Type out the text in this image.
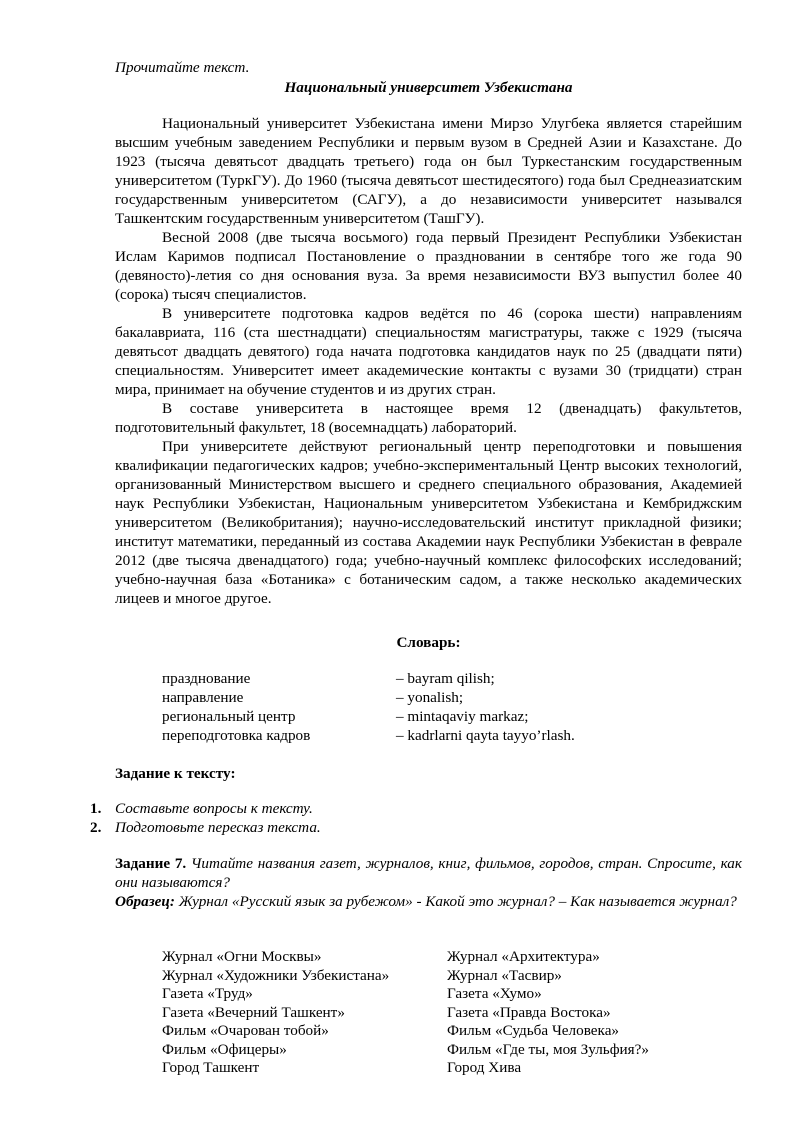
Прочитайте текст.
Национальный университет Узбекистана

Национальный университет Узбекистана имени Мирзо Улугбека является старейшим высшим учебным заведением Республики и первым вузом в Средней Азии и Казахстане. До 1923 (тысяча девятьсот двадцать третьего) года он был Туркестанским государственным университетом (ТуркГУ). До 1960 (тысяча девятьсот шестидесятого) года был Среднеазиатским государственным университетом (САГУ), а до независимости университет назывался Ташкентским государственным университетом (ТашГУ).

Весной 2008 (две тысяча восьмого) года первый Президент Республики Узбекистан Ислам Каримов подписал Постановление о праздновании в сентябре того же года 90 (девяносто)-летия со дня основания вуза. За время независимости ВУЗ выпустил более 40 (сорока) тысяч специалистов.

В университете подготовка кадров ведётся по 46 (сорока шести) направлениям бакалавриата, 116 (ста шестнадцати) специальностям магистратуры, также с 1929 (тысяча девятьсот двадцать девятого) года начата подготовка кандидатов наук по 25 (двадцати пяти) специальностям. Университет имеет академические контакты с вузами 30 (тридцати) стран мира, принимает на обучение студентов и из других стран.

В составе университета в настоящее время 12 (двенадцать) факультетов, подготовительный факультет, 18 (восемнадцать) лабораторий.

При университете действуют региональный центр переподготовки и повышения квалификации педагогических кадров; учебно-экспериментальный Центр высоких технологий, организованный Министерством высшего и среднего специального образования, Академией наук Республики Узбекистан, Национальным университетом Узбекистана и Кембриджским университетом (Великобритания); научно-исследовательский институт прикладной физики; институт математики, переданный из состава Академии наук Республики Узбекистан в феврале 2012 (две тысяча двенадцатого) года; учебно-научный комплекс философских исследований; учебно-научная база «Ботаника» с ботаническим садом, а также несколько академических лицеев и многое другое.

Словарь:
празднование	– bayram qilish;
направление	– yonalish;
региональный центр	– mintaqaviy markaz;
переподготовка кадров	– kadrlarni qayta tayyo’rlash.
Задание к тексту:
1. Составьте вопросы к тексту.
2. Подготовьте пересказ текста.

Задание 7. Читайте названия газет, журналов, книг, фильмов, городов, стран. Спросите, как они называются?

Образец: Журнал «Русский язык за рубежом» - Какой это журнал? – Как называется журнал?

Журнал «Огни Москвы»	Журнал «Архитектура»
Журнал «Художники Узбекистана»	Журнал «Тасвир»
Газета «Труд»	Газета «Хумо»
Газета «Вечерний Ташкент»	Газета «Правда Востока»
Фильм «Очарован тобой»	Фильм «Судьба Человека»
Фильм «Офицеры»	Фильм «Где ты, моя Зульфия?»
Город Ташкент	Город Хива
